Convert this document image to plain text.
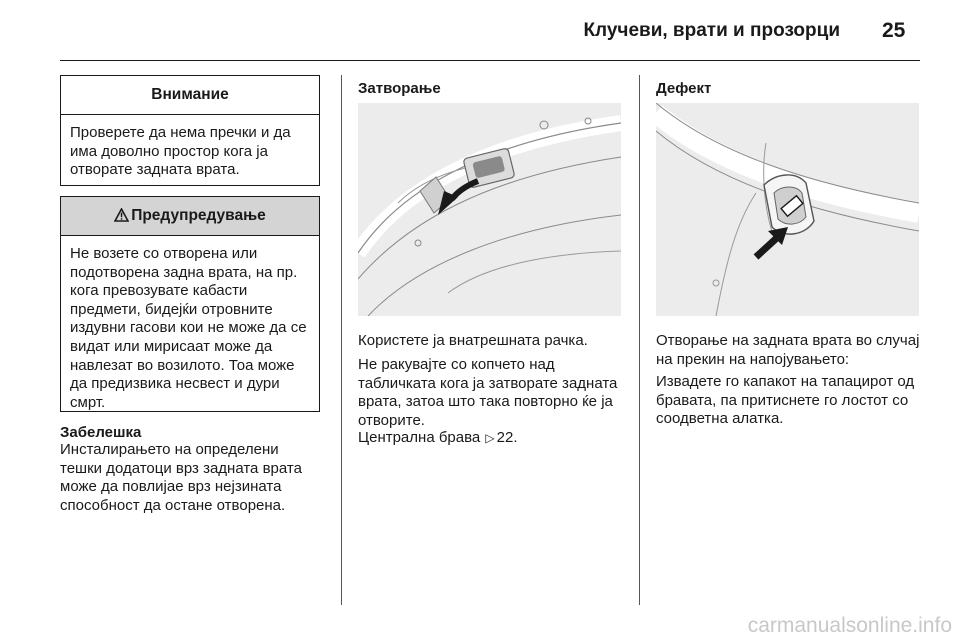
Клучеви, врати и прозорци 25
Внимание
Проверете да нема пречки и да има доволно простор кога ја отворате задната врата.
Предупредување
Не возете со отворена или подотворена задна врата, на пр. кога превозувате кабасти предмети, бидејќи отровните издувни гасови кои не може да се видат или мирисаат може да навлезат во возилото. Тоа може да предизвика несвест и дури смрт.
Забелешка
Инсталирањето на определени тешки додатоци врз задната врата може да повлијае врз нејзината способност да остане отворена.
Затворање
Користете ја внатрешната рачка.
Не ракувајте со копчето над табличката кога ја затворате задната врата, затоа што така повторно ќе ја отворите.
Централна брава ▷ 22.
Дефект
Отворање на задната врата во случај на прекин на напојувањето:
Извадете го капакот на тапацирот од бравата, па притиснете го лостот со соодветна алатка.
carmanualsonline.info
